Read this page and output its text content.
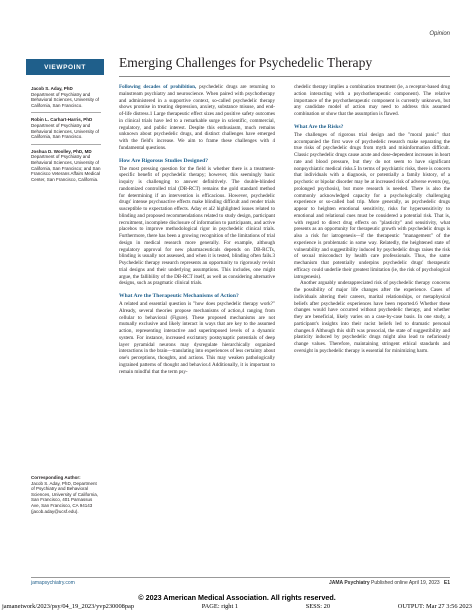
Opinion
VIEWPOINT	Emerging Challenges for Psychedelic Therapy
Jacob S. Aday, PhD
Department of Psychiatry and Behavioral Sciences, University of California, San Francisco.
Robin L. Carhart-Harris, PhD
Department of Psychiatry and Behavioral Sciences, University of California, San Francisco.
Joshua D. Woolley, PhD, MD
Department of Psychiatry and Behavioral Sciences, University of California, San Francisco; and San Francisco Veterans Affairs Medical Center, San Francisco, California.
Corresponding Author:
Jacob S. Aday, PhD, Department of Psychiatry and Behavioral Sciences, University of California, San Francisco, 401 Parnassus Ave, San Francisco, CA 94143 (jacob.aday@ucsf.edu).

Following decades of prohibition, psychedelic drugs are returning to mainstream psychiatry and neuroscience. When paired with psychotherapy and administered in a supportive context, so-called psychedelic therapy shows promise in treating depression, anxiety, substance misuse, and end-of-life distress.1 Large therapeutic effect sizes and positive safety outcomes in clinical trials have led to a remarkable surge in scientific, commercial, regulatory, and public interest. Despite this enthusiasm, much remains unknown about psychedelic drugs, and distinct challenges have emerged with the field's increase. We aim to frame these challenges with 4 fundamental questions.

How Are Rigorous Studies Designed?

The most pressing question for the field is whether there is a treatment-specific benefit of psychedelic therapy; however, this seemingly basic inquiry is challenging to answer definitively. The double-blinded randomized controlled trial (DB-RCT) remains the gold standard method for determining if an intervention is efficacious. However, psychedelic drugs' intense psychoactive effects make blinding difficult and render trials susceptible to expectation effects. Aday et al2 highlighted issues related to blinding and proposed recommendations related to study design, participant recruitment, incomplete disclosure of information to participants, and active placebos to improve methodological rigor in psychedelic clinical trials. Furthermore, there has been a growing recognition of the limitations of trial design in medical research more generally. For example, although regulatory approval for new pharmaceuticals depends on DB-RCTs, blinding is usually not assessed, and when it is tested, blinding often fails.3 Psychedelic therapy research represents an opportunity to rigorously revisit trial designs and their underlying assumptions. This includes, one might argue, the fallibility of the DB-RCT itself, as well as considering alternative designs, such as pragmatic clinical trials.

What Are the Therapeutic Mechanisms of Action?

A related and essential question is "how does psychedelic therapy work?" Already, several theories propose mechanisms of action,4 ranging from cellular to behavioral (Figure). These proposed mechanisms are not mutually exclusive and likely interact in ways that are key to the assumed action, representing interactive and superimposed levels of a dynamic system. For instance, increased excitatory postsynaptic potentials of deep layer pyramidal neurons may dysregulate hierarchically organized interactions in the brain—translating into experiences of less certainty about one's perceptions, thoughts, and actions. This may weaken pathologically ingrained patterns of thought and behavior.4 Additionally, it is important to remain mindful that the term psy-

chedelic therapy implies a combination treatment (ie, a receptor-based drug action interacting with a psychotherapeutic component). The relative importance of the psychotherapeutic component is currently unknown, but any candidate model of action may need to address this assumed combination or show that the assumption is flawed.

What Are the Risks?

The challenges of rigorous trial design and the "moral panic" that accompanied the first wave of psychedelic research make separating the true risks of psychedelic drugs from myth and misinformation difficult. Classic psychedelic drugs cause acute and dose-dependent increases in heart rate and blood pressure, but they do not seem to have significant nonpsychiatric medical risks.5 In terms of psychiatric risks, there is concern that individuals with a diagnosis, or potentially a family history, of a psychotic or bipolar disorder may be at increased risk of adverse events (eg, prolonged psychosis), but more research is needed. There is also the commonly acknowledged capacity for a psychologically challenging experience or so-called bad trip. More generally, as psychedelic drugs appear to heighten emotional sensitivity, risks for hypersensitivity to emotional and relational cues must be considered a potential risk. That is, with regard to direct drug effects on "plasticity" and sensitivity, what presents as an opportunity for therapeutic growth with psychedelic drugs is also a risk for iatrogenesis—if the therapeutic "management" of the experience is problematic in some way. Relatedly, the heightened state of vulnerability and suggestibility induced by psychedelic drugs raises the risk of sexual misconduct by health care professionals. Thus, the same mechanism that potentially underpins psychedelic drugs' therapeutic efficacy could underlie their greatest limitation (ie, the risk of psychological iatrogenesis).

Another arguably underappreciated risk of psychedelic therapy concerns the possibility of major life changes after the experience. Cases of individuals altering their careers, marital relationships, or metaphysical beliefs after psychedelic experiences have been reported.6 Whether these changes would have occurred without psychedelic therapy, and whether they are beneficial, likely varies on a case-by-case basis. In one study, a participant's insights into their racist beliefs led to dramatic personal changes.6 Although this shift was prosocial, the state of suggestibility and plasticity induced by psychedelic drugs might also lead to nefariously change values. Therefore, maintaining stringent ethical standards and oversight in psychedelic therapy is essential for minimizing harm.

jamapsychiatry.com	JAMA Psychiatry Published online April 19, 2023 E1
© 2023 American Medical Association. All rights reserved.
jamanetwork/2023/psy/04_19_2023/yvp230008pap	PAGE: right 1	SESS: 20	OUTPUT: Mar 27 3:56 2023
